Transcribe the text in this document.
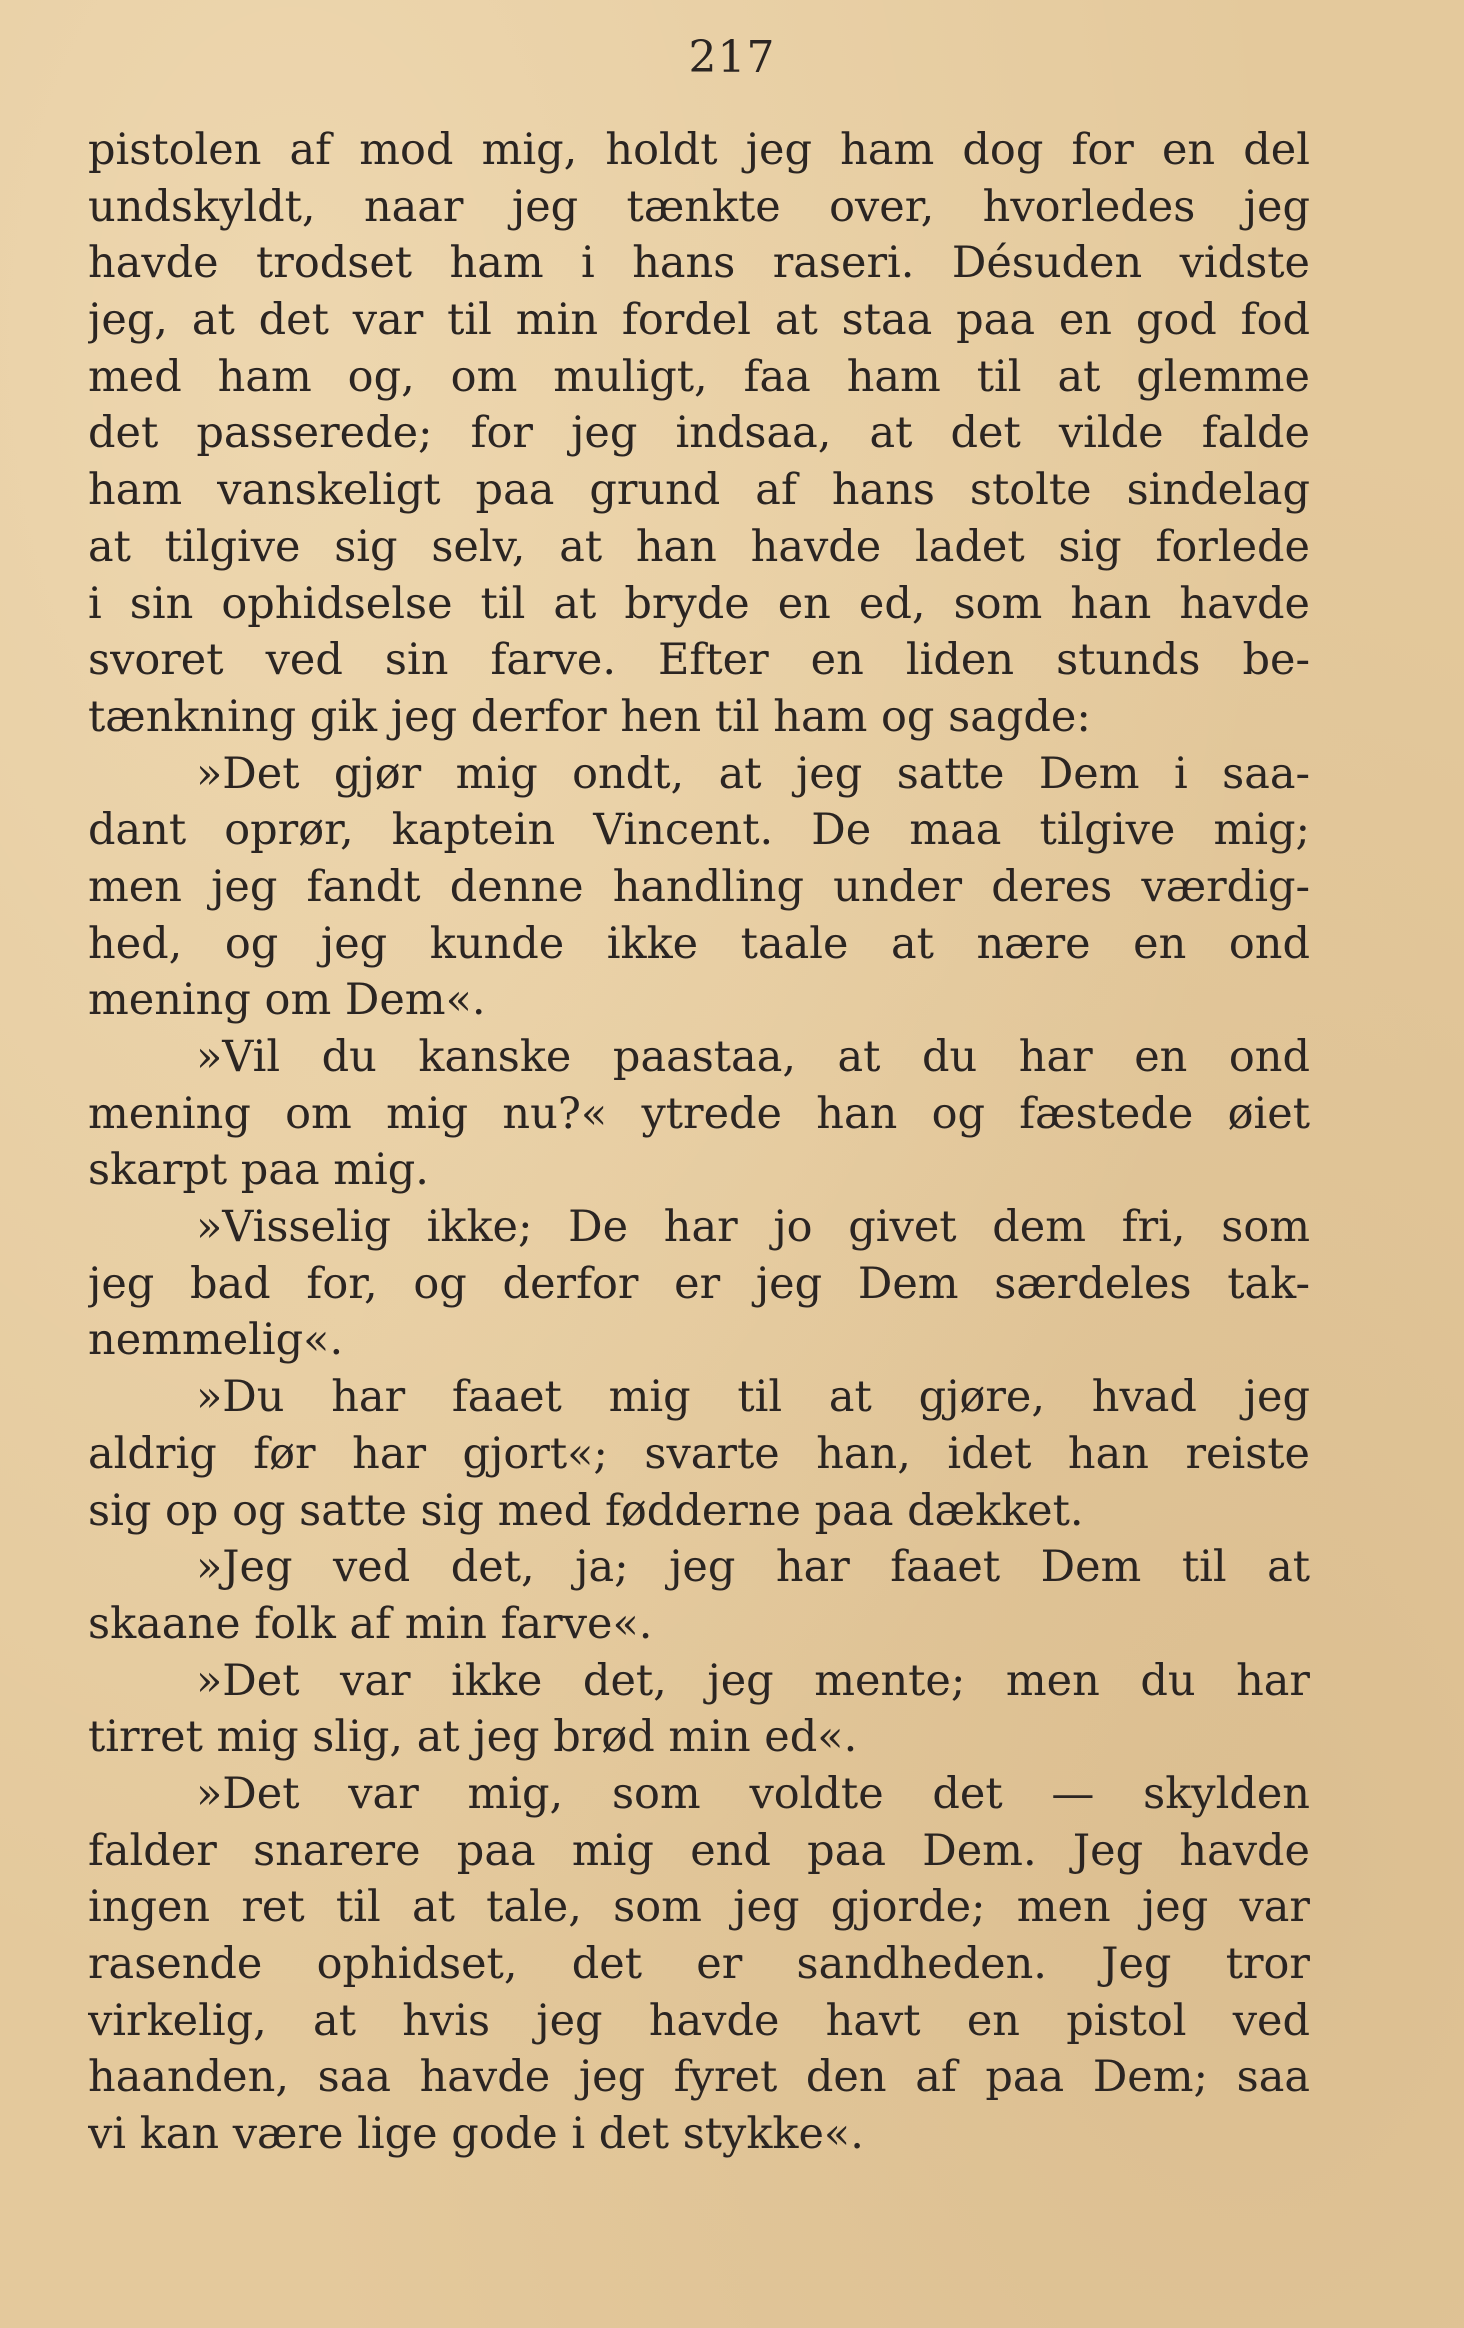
217
pistolen af mod mig, holdt jeg ham dog for en del
undskyldt, naar jeg tænkte over, hvorledes jeg
havde trodset ham i hans raseri. Désuden vidste
jeg, at det var til min fordel at staa paa en god fod
med ham og, om muligt, faa ham til at glemme
det passerede; for jeg indsaa, at det vilde falde
ham vanskeligt paa grund af hans stolte sindelag
at tilgive sig selv, at han havde ladet sig forlede
i sin ophidselse til at bryde en ed, som han havde
svoret ved sin farve. Efter en liden stunds be-
tænkning gik jeg derfor hen til ham og sagde:
»Det gjør mig ondt, at jeg satte Dem i saa-
dant oprør, kaptein Vincent. De maa tilgive mig;
men jeg fandt denne handling under deres værdig-
hed, og jeg kunde ikke taale at nære en ond
mening om Dem«.
»Vil du kanske paastaa, at du har en ond
mening om mig nu?« ytrede han og fæstede øiet
skarpt paa mig.
»Visselig ikke; De har jo givet dem fri, som
jeg bad for, og derfor er jeg Dem særdeles tak-
nemmelig«.
»Du har faaet mig til at gjøre, hvad jeg
aldrig før har gjort«; svarte han, idet han reiste
sig op og satte sig med fødderne paa dækket.
»Jeg ved det, ja; jeg har faaet Dem til at
skaane folk af min farve«.
»Det var ikke det, jeg mente; men du har
tirret mig slig, at jeg brød min ed«.
»Det var mig, som voldte det — skylden
falder snarere paa mig end paa Dem. Jeg havde
ingen ret til at tale, som jeg gjorde; men jeg var
rasende ophidset, det er sandheden. Jeg tror
virkelig, at hvis jeg havde havt en pistol ved
haanden, saa havde jeg fyret den af paa Dem; saa
vi kan være lige gode i det stykke«.
